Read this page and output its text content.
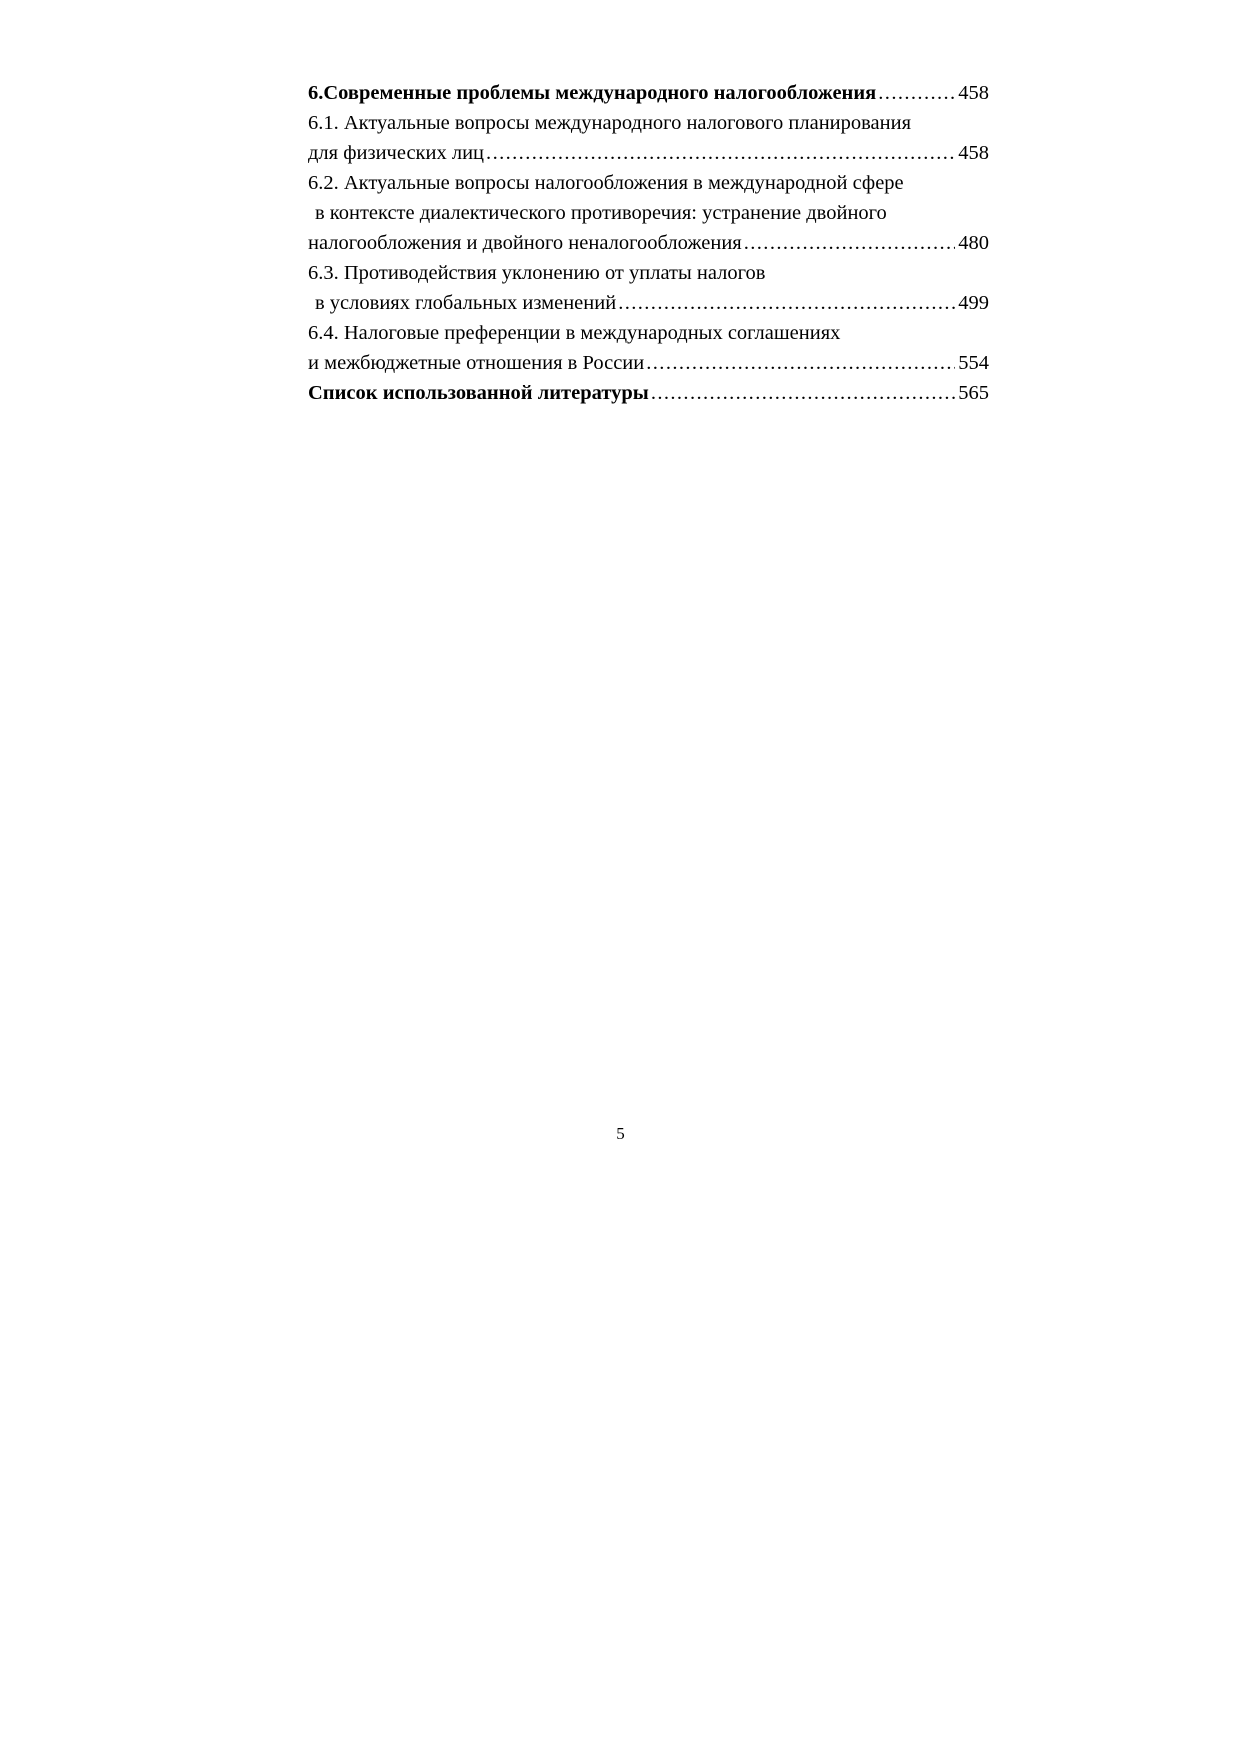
6.Современные проблемы международного налогообложения .....	458
6.1. Актуальные вопросы международного налогового планирования
для физических лиц .....	458
6.2. Актуальные вопросы налогообложения в международной сфере
в контексте диалектического противоречия: устранение двойного
налогообложения и двойного неналогообложения .....	480
6.3. Противодействия уклонению от уплаты налогов
в условиях глобальных изменений .....	499
6.4. Налоговые преференции в международных соглашениях
и межбюджетные отношения в России .....	554
Список использованной литературы .....	565
5
